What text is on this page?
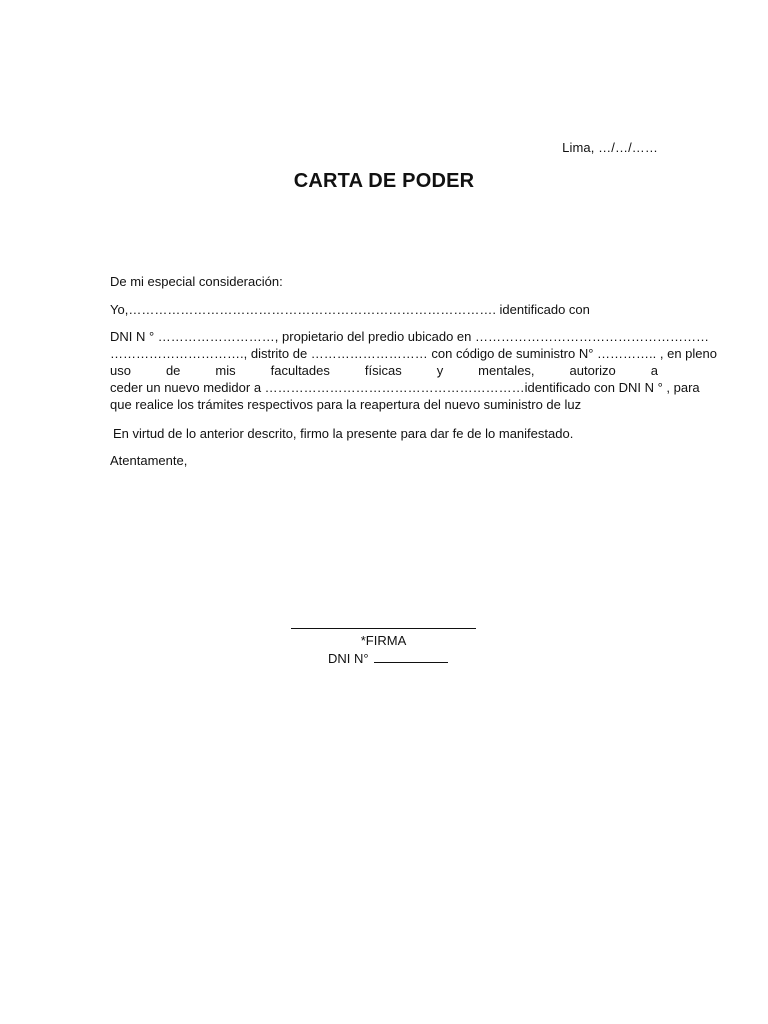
Lima, …/…/……
CARTA DE PODER
De mi especial consideración:
Yo,…………………………………………………………………………. identificado con
DNI N ° ………………………, propietario del predio ubicado en ………………………………………………
…………………………., distrito de ……………………… con código de suministro N° ………….. , en pleno
uso	de	mis	facultades	físicas	y	mentales,	autorizo	a
ceder un nuevo medidor a ……………………………………………………identificado con DNI N ° , para
que realice los trámites respectivos para la reapertura del nuevo suministro de luz
En virtud de lo anterior descrito, firmo la presente para dar fe de lo manifestado.
Atentamente,
*FIRMA
DNI N°
